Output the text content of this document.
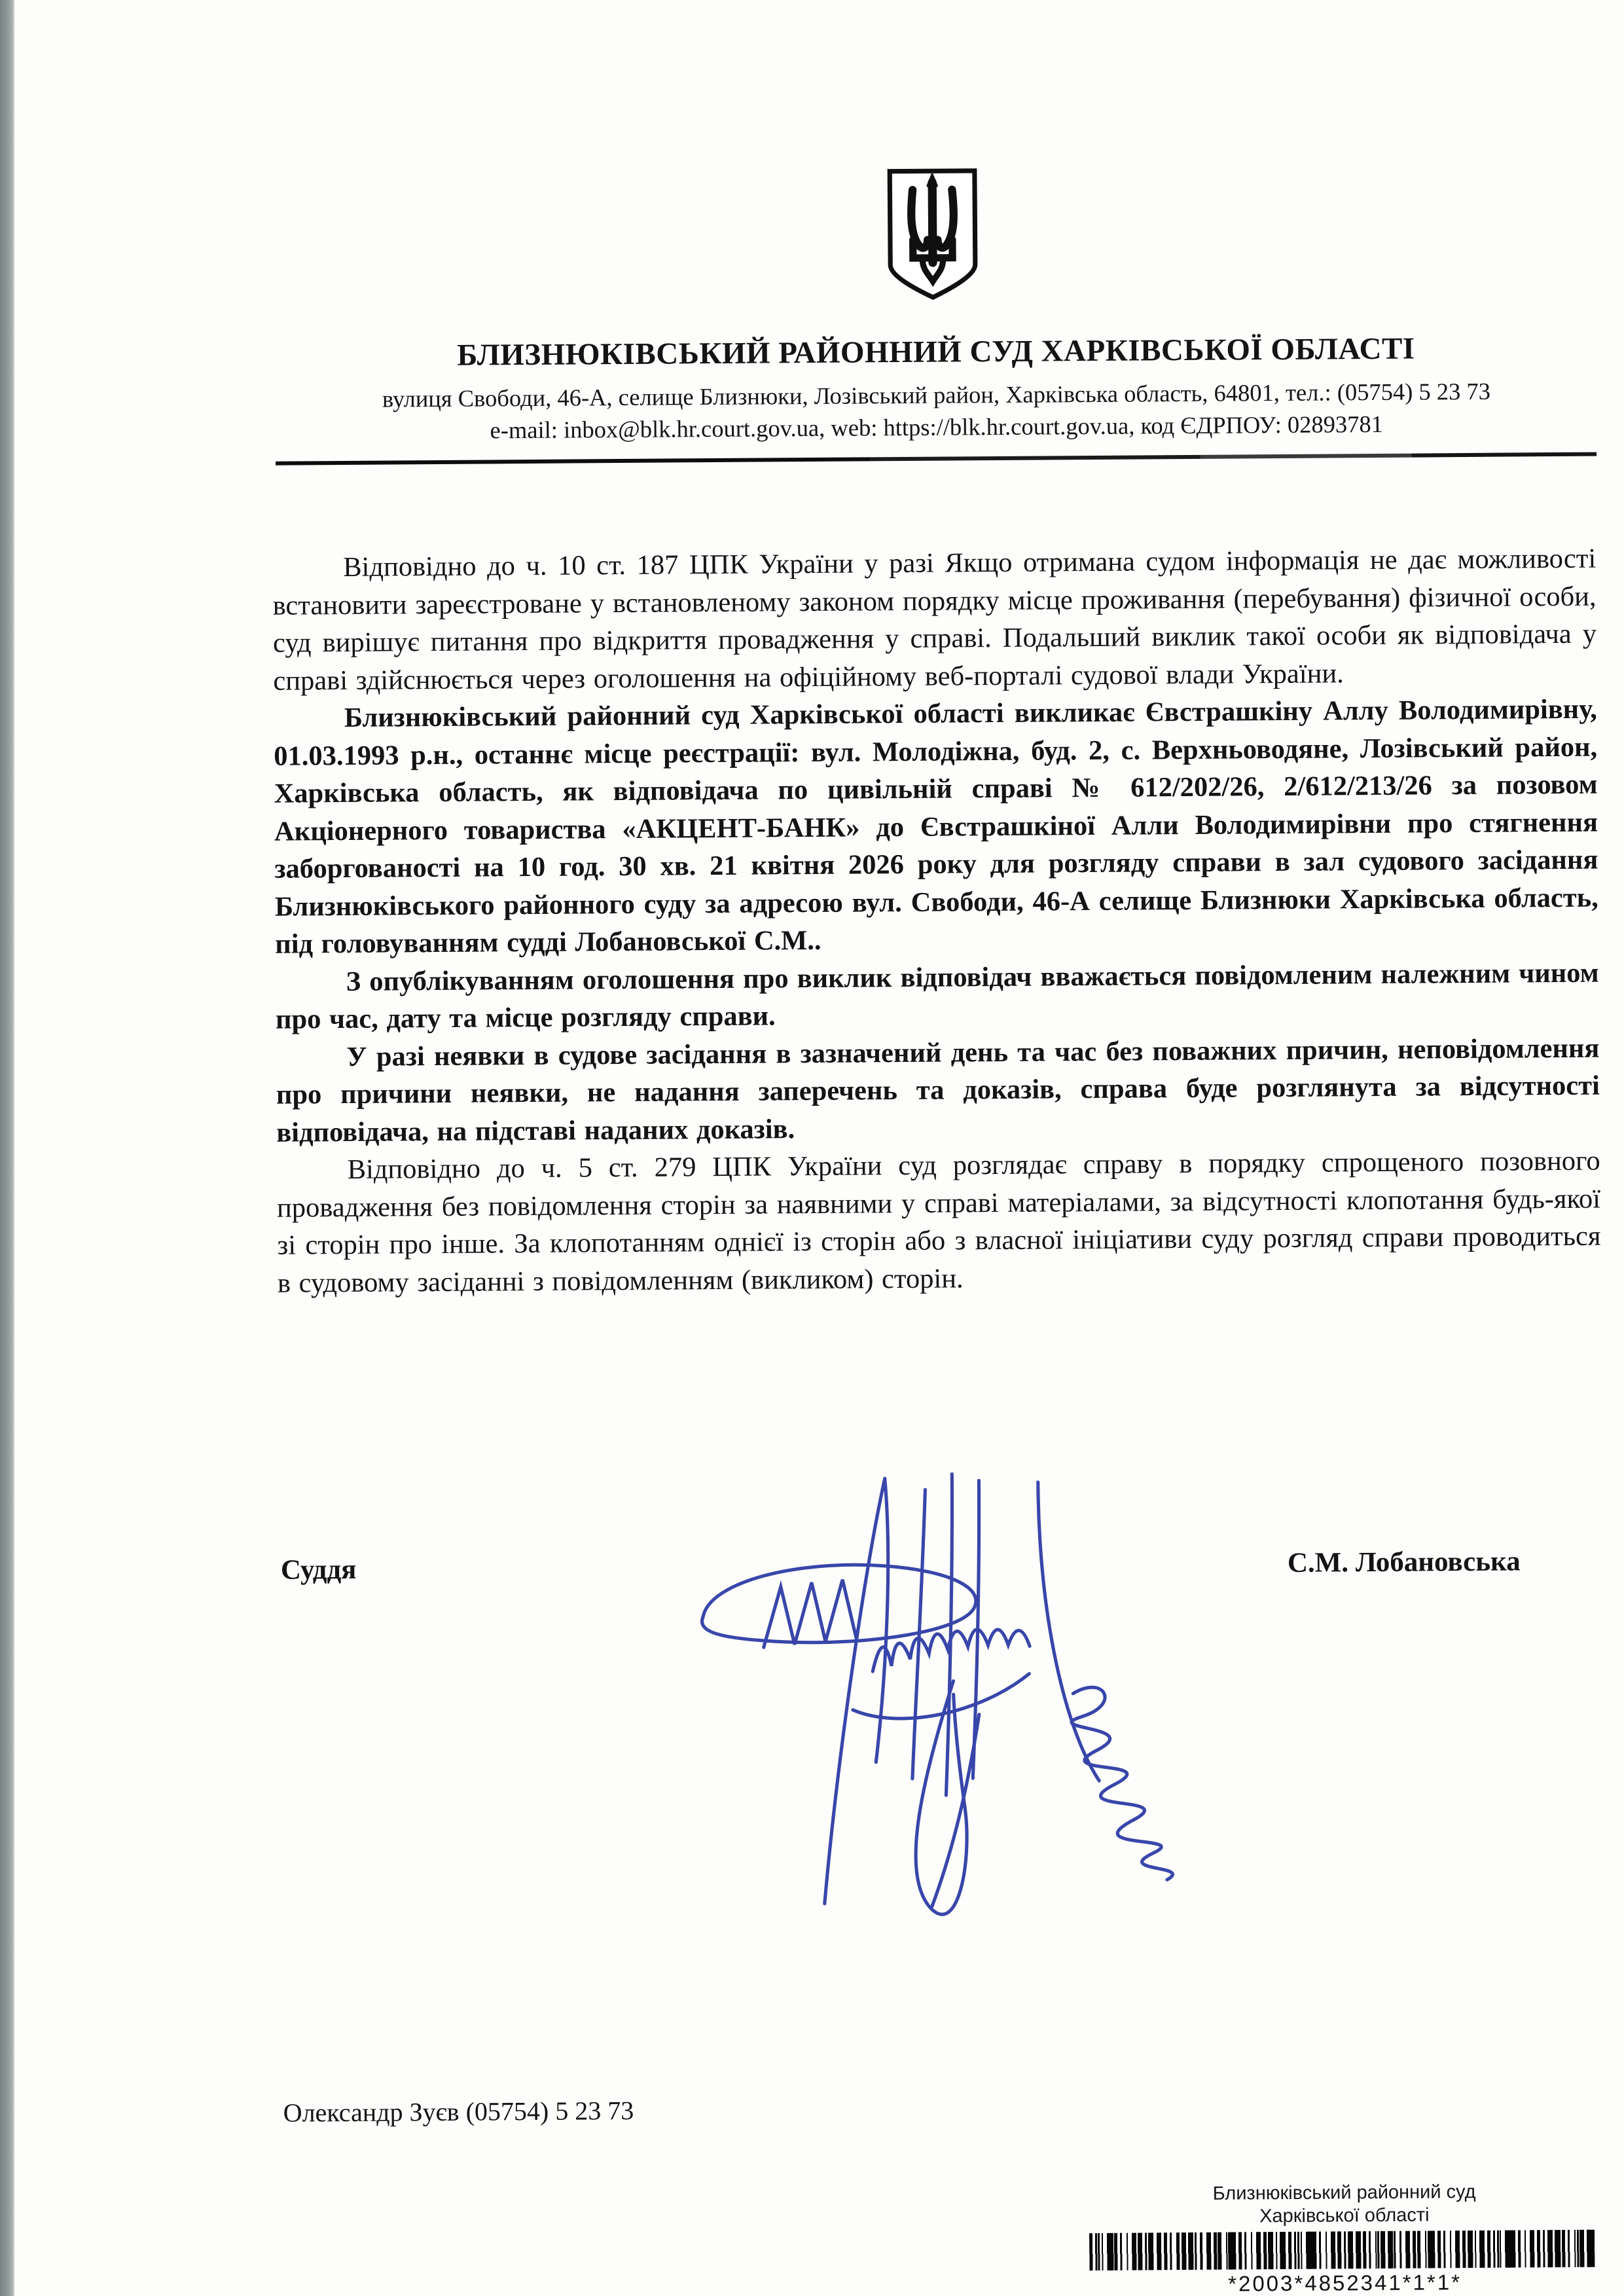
БЛИЗНЮКІВСЬКИЙ РАЙОННИЙ СУД ХАРКІВСЬКОЇ ОБЛАСТІ
вулиця Свободи, 46-А, селище Близнюки, Лозівський район, Харківська область, 64801, тел.: (05754) 5 23 73
e-mail: inbox@blk.hr.court.gov.ua, web: https://blk.hr.court.gov.ua, код ЄДРПОУ: 02893781

Відповідно до ч. 10 ст. 187 ЦПК України у разі Якщо отримана судом інформація не дає можливості встановити зареєстроване у встановленому законом порядку місце проживання (перебування) фізичної особи, суд вирішує питання про відкриття провадження у справі. Подальший виклик такої особи як відповідача у справі здійснюється через оголошення на офіційному веб-порталі судової влади України.

Близнюківський районний суд Харківської області викликає Євстрашкіну Аллу Володимирівну, 01.03.1993 р.н., останнє місце реєстрації: вул. Молодіжна, буд. 2, с. Верхньоводяне, Лозівський район, Харківська область, як відповідача по цивільній справі № 612/202/26, 2/612/213/26 за позовом Акціонерного товариства «АКЦЕНТ-БАНК» до Євстрашкіної Алли Володимирівни про стягнення заборгованості на 10 год. 30 хв. 21 квітня 2026 року для розгляду справи в зал судового засідання Близнюківського районного суду за адресою вул. Свободи, 46-А селище Близнюки Харківська область, під головуванням судді Лобановської С.М..

З опублікуванням оголошення про виклик відповідач вважається повідомленим належним чином про час, дату та місце розгляду справи.

У разі неявки в судове засідання в зазначений день та час без поважних причин, неповідомлення про причини неявки, не надання заперечень та доказів, справа буде розглянута за відсутності відповідача, на підставі наданих доказів.

Відповідно до ч. 5 ст. 279 ЦПК України суд розглядає справу в порядку спрощеного позовного провадження без повідомлення сторін за наявними у справі матеріалами, за відсутності клопотання будь-якої зі сторін про інше. За клопотанням однієї із сторін або з власної ініціативи суду розгляд справи проводиться в судовому засіданні з повідомленням (викликом) сторін.

Суддя	С.М. Лобановська
Олександр Зуєв (05754) 5 23 73
Близнюківський районний суд
Харківської області
*2003*4852341*1*1*
